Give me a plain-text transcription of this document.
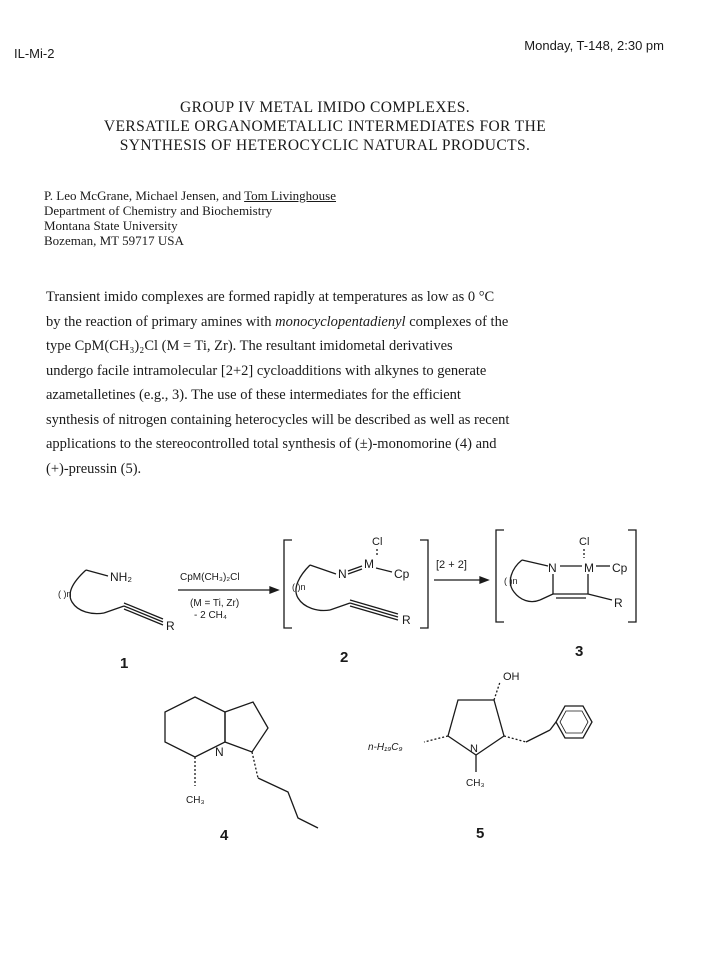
IL-Mi-2
Monday, T-148, 2:30 pm
GROUP IV METAL IMIDO COMPLEXES.
VERSATILE ORGANOMETALLIC INTERMEDIATES FOR THE
SYNTHESIS OF HETEROCYCLIC NATURAL PRODUCTS.
P. Leo McGrane, Michael Jensen, and Tom Livinghouse
Department of Chemistry and Biochemistry
Montana State University
Bozeman, MT 59717 USA
Transient imido complexes are formed rapidly at temperatures as low as 0 °C
by the reaction of primary amines with monocyclopentadienyl complexes of the
type CpM(CH₃)₂Cl (M = Ti, Zr). The resultant imidometal derivatives
undergo facile intramolecular [2+2] cycloadditions with alkynes to generate
azametalletines (e.g., 3). The use of these intermediates for the efficient
synthesis of nitrogen containing heterocycles will be described as well as recent
applications to the stereocontrolled total synthesis of (±)-monomorine (4) and
(+)-preussin (5).
NH₂
( )n
R
1
CpM(CH₃)₂Cl
(M = Ti, Zr)
- 2 CH₄
( )n
N
M
Cl
Cp
R
2
[2 + 2]
( )n
N M
Cl
Cp
R
3
N
CH₃
4
N
OH
n-H₁₉C₉
CH₃
5
